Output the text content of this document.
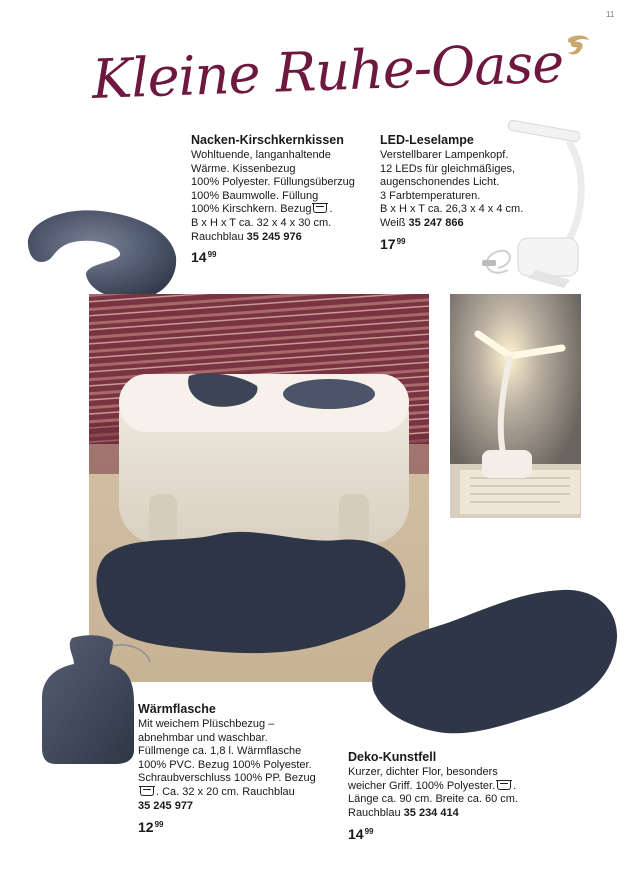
11
Kleine Ruhe-Oase
Nacken-Kirschkernkissen
Wohltuende, langanhaltende
Wärme. Kissenbezug
100% Polyester. Füllungsüberzug
100% Baumwolle. Füllung
100% Kirschkern. Bezug .
B x H x T ca. 32 x 4 x 30 cm.
Rauchblau 35 245 976
$14^{99}$
LED-Leselampe
Verstellbarer Lampenkopf.
12 LEDs für gleichmäßiges,
augenschonendes Licht.
3 Farbtemperaturen.
B x H x T ca. 26,3 x 4 x 4 cm.
Weiß 35 247 866
$17^{99}$
Wärmflasche
Mit weichem Plüschbezug –
abnehmbar und waschbar.
Füllmenge ca. 1,8 l. Wärmflasche
100% PVC. Bezug 100% Polyester.
Schraubverschluss 100% PP. Bezug
. Ca. 32 x 20 cm. Rauchblau
35 245 977
$12^{99}$
Deko-Kunstfell
Kurzer, dichter Flor, besonders
weicher Griff. 100% Polyester. .
Länge ca. 90 cm. Breite ca. 60 cm.
Rauchblau 35 234 414
$14^{99}$
